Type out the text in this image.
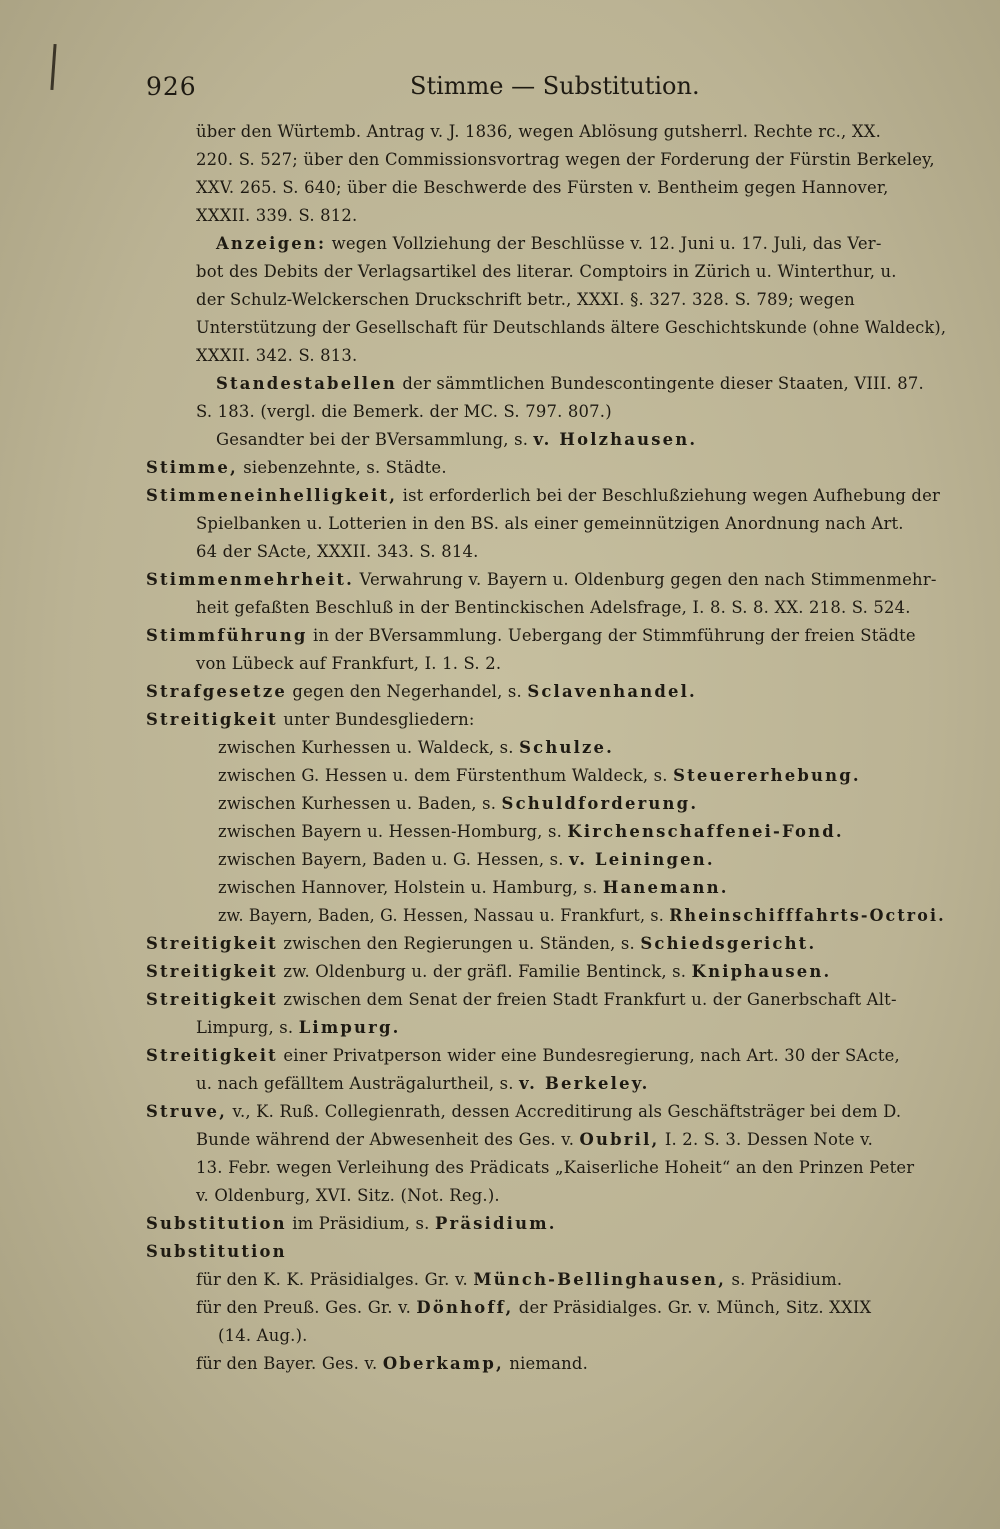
926	Stimme — Substitution.
über den Würtemb. Antrag v. J. 1836, wegen Ablösung gutsherrl. Rechte rc., XX.
220. S. 527; über den Commissionsvortrag wegen der Forderung der Fürstin Berkeley,
XXV. 265. S. 640; über die Beschwerde des Fürsten v. Bentheim gegen Hannover,
XXXII. 339. S. 812.
Anzeigen: wegen Vollziehung der Beschlüsse v. 12. Juni u. 17. Juli, das Ver-
bot des Debits der Verlagsartikel des literar. Comptoirs in Zürich u. Winterthur, u.
der Schulz-Welckerschen Druckschrift betr., XXXI. §. 327. 328. S. 789; wegen
Unterstützung der Gesellschaft für Deutschlands ältere Geschichtskunde (ohne Waldeck),
XXXII. 342. S. 813.
Standestabellen der sämmtlichen Bundescontingente dieser Staaten, VIII. 87.
S. 183. (vergl. die Bemerk. der MC. S. 797. 807.)
Gesandter bei der BVersammlung, s. v. Holzhausen.
Stimme, siebenzehnte, s. Städte.
Stimmeneinhelligkeit, ist erforderlich bei der Beschlußziehung wegen Aufhebung der
Spielbanken u. Lotterien in den BS. als einer gemeinnützigen Anordnung nach Art.
64 der SActe, XXXII. 343. S. 814.
Stimmenmehrheit. Verwahrung v. Bayern u. Oldenburg gegen den nach Stimmenmehr-
heit gefaßten Beschluß in der Bentinckischen Adelsfrage, I. 8. S. 8. XX. 218. S. 524.
Stimmführung in der BVersammlung. Uebergang der Stimmführung der freien Städte
von Lübeck auf Frankfurt, I. 1. S. 2.
Strafgesetze gegen den Negerhandel, s. Sclavenhandel.
Streitigkeit unter Bundesgliedern:
zwischen Kurhessen u. Waldeck, s. Schulze.
zwischen G. Hessen u. dem Fürstenthum Waldeck, s. Steuererhebung.
zwischen Kurhessen u. Baden, s. Schuldforderung.
zwischen Bayern u. Hessen-Homburg, s. Kirchenschaffenei-Fond.
zwischen Bayern, Baden u. G. Hessen, s. v. Leiningen.
zwischen Hannover, Holstein u. Hamburg, s. Hanemann.
zw. Bayern, Baden, G. Hessen, Nassau u. Frankfurt, s. Rheinschifffahrts-Octroi.
Streitigkeit zwischen den Regierungen u. Ständen, s. Schiedsgericht.
Streitigkeit zw. Oldenburg u. der gräfl. Familie Bentinck, s. Kniphausen.
Streitigkeit zwischen dem Senat der freien Stadt Frankfurt u. der Ganerbschaft Alt-
Limpurg, s. Limpurg.
Streitigkeit einer Privatperson wider eine Bundesregierung, nach Art. 30 der SActe,
u. nach gefälltem Austrägalurtheil, s. v. Berkeley.
Struve, v., K. Ruß. Collegienrath, dessen Accreditirung als Geschäftsträger bei dem D.
Bunde während der Abwesenheit des Ges. v. Oubril, I. 2. S. 3. Dessen Note v.
13. Febr. wegen Verleihung des Prädicats „Kaiserliche Hoheit“ an den Prinzen Peter
v. Oldenburg, XVI. Sitz. (Not. Reg.).
Substitution im Präsidium, s. Präsidium.
Substitution
für den K. K. Präsidialges. Gr. v. Münch-Bellinghausen, s. Präsidium.
für den Preuß. Ges. Gr. v. Dönhoff, der Präsidialges. Gr. v. Münch, Sitz. XXIX
(14. Aug.).
für den Bayer. Ges. v. Oberkamp, niemand.
